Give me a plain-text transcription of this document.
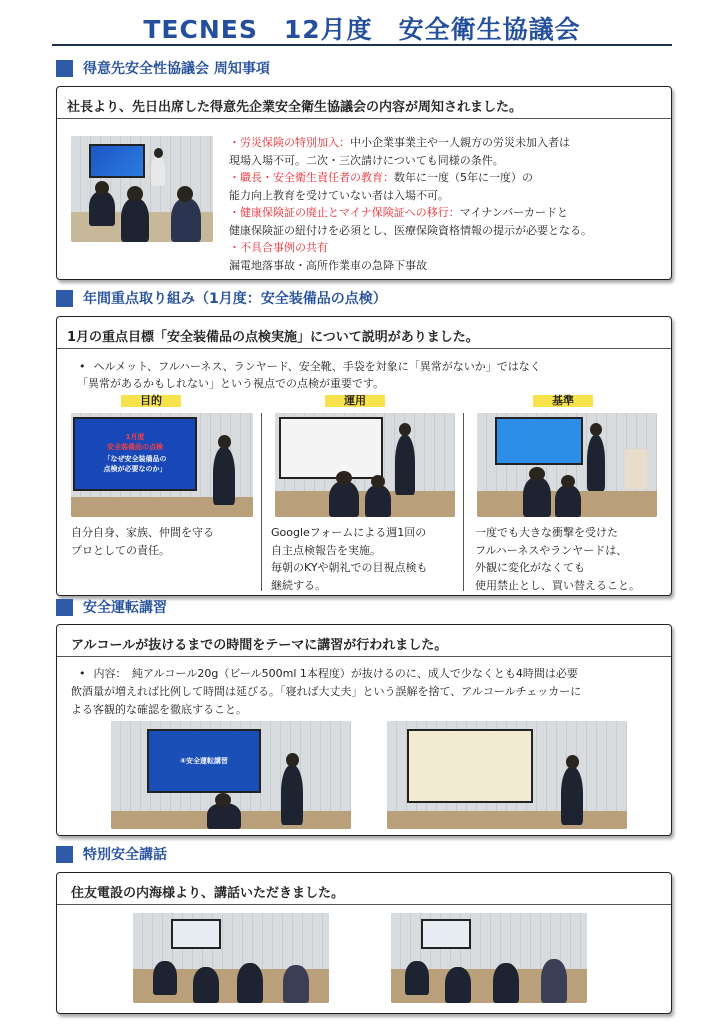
TECNES　12月度　安全衛生協議会
得意先安全性協議会 周知事項
社長より、先日出席した得意先企業安全衛生協議会の内容が周知されました。
・労災保険の特別加入：中小企業事業主や一人親方の労災未加入者は
現場入場不可。二次・三次請けについても同様の条件。
・職長・安全衛生責任者の教育：数年に一度（5年に一度）の
能力向上教育を受けていない者は入場不可。
・健康保険証の廃止とマイナ保険証への移行：マイナンバーカードと
健康保険証の紐付けを必須とし、医療保険資格情報の提示が必要となる。
・不具合事例の共有
漏電地落事故・高所作業車の急降下事故
年間重点取り組み（1月度：安全装備品の点検）
1月の重点目標「安全装備品の点検実施」について説明がありました。
• ヘルメット、フルハーネス、ランヤード、安全靴、手袋を対象に「異常がないか」ではなく
「異常があるかもしれない」という視点での点検が重要です。
目的	運用	基準
1月度
安全装備品の点検
「なぜ安全装備品の
点検が必要なのか」
自分自身、家族、仲間を守る
プロとしての責任。
Googleフォームによる週1回の
自主点検報告を実施。
毎朝のKYや朝礼での目視点検も
継続する。
一度でも大きな衝撃を受けた
フルハーネスやランヤードは、
外観に変化がなくても
使用禁止とし、買い替えること。
安全運転講習
アルコールが抜けるまでの時間をテーマに講習が行われました。
• 内容：　純アルコール20g（ビール500ml 1本程度）が抜けるのに、成人で少なくとも4時間は必要
飲酒量が増えれば比例して時間は延びる。「寝れば大丈夫」という誤解を捨て、アルコールチェッカーに
よる客観的な確認を徹底すること。
④安全運転講習
特別安全講話
住友電設の内海様より、講話いただきました。
